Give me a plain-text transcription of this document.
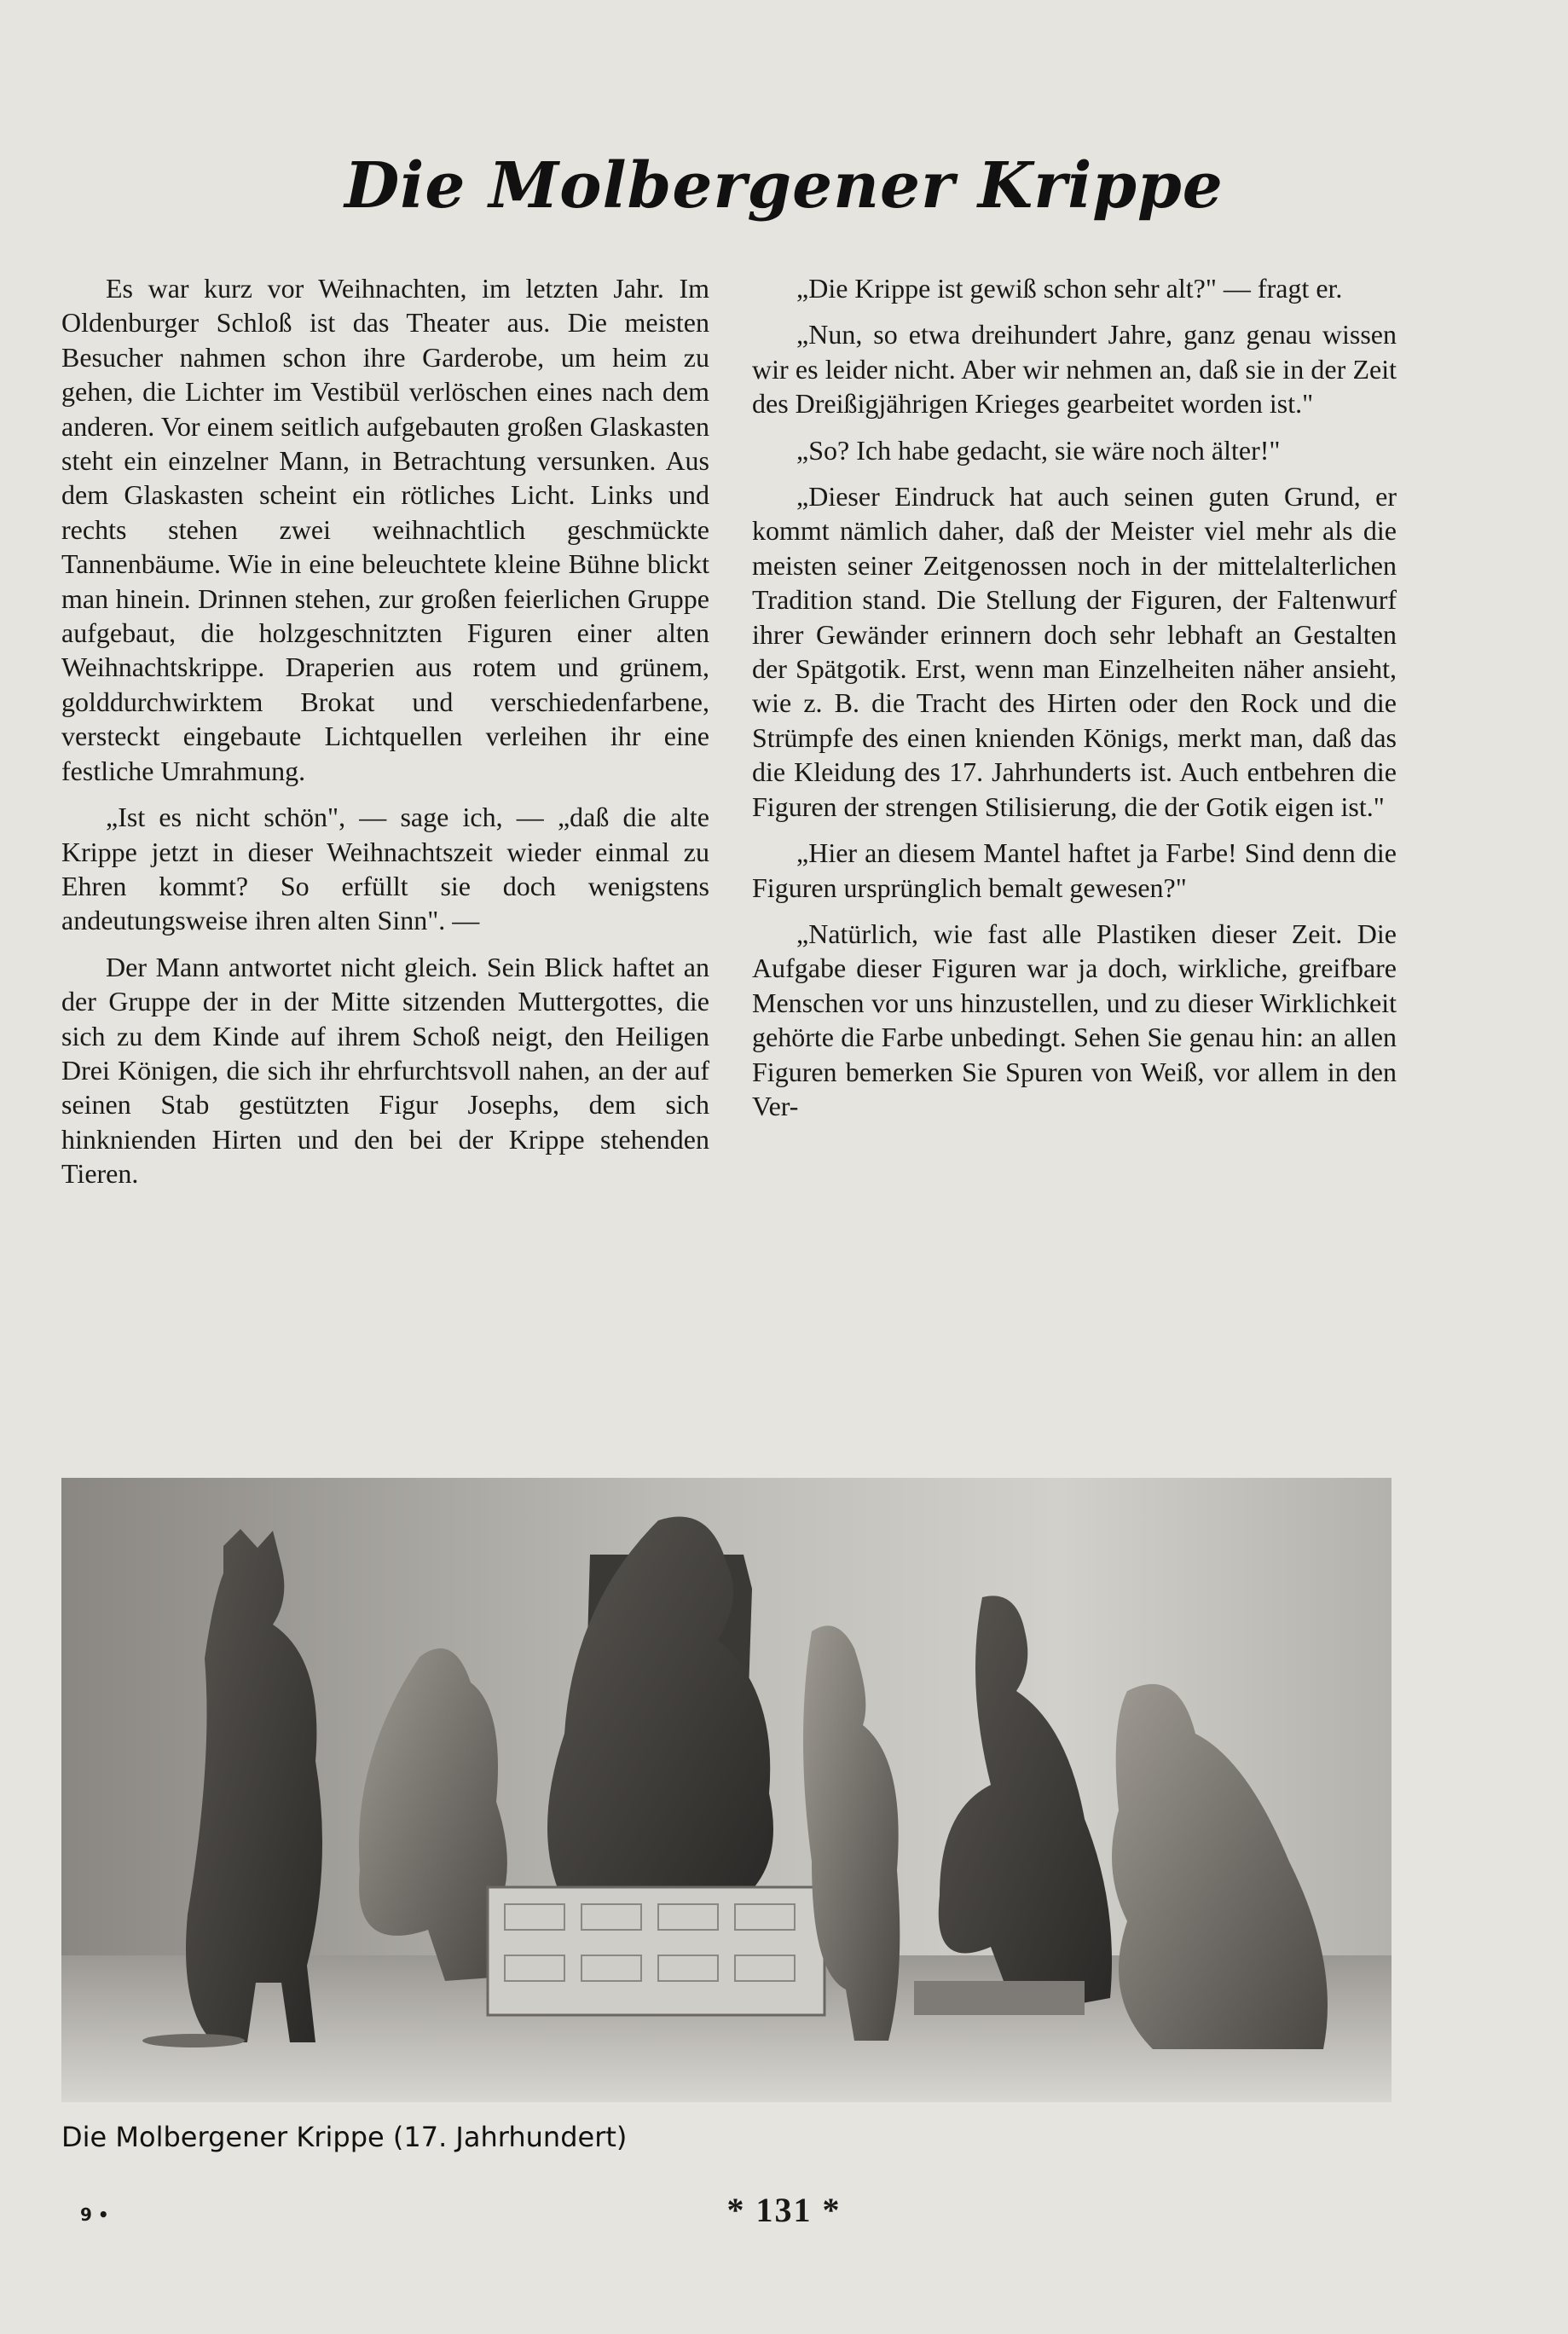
Die Molbergener Krippe

Es war kurz vor Weihnachten, im letzten Jahr. Im Oldenburger Schloß ist das Theater aus. Die meisten Besucher nahmen schon ihre Garderobe, um heim zu gehen, die Lichter im Vestibül verlöschen eines nach dem anderen. Vor einem seitlich aufgebauten großen Glaskasten steht ein einzelner Mann, in Betrachtung versunken. Aus dem Glaskasten scheint ein rötliches Licht. Links und rechts stehen zwei weihnachtlich geschmückte Tannenbäume. Wie in eine beleuchtete kleine Bühne blickt man hinein. Drinnen stehen, zur großen feierlichen Gruppe aufgebaut, die holzgeschnitzten Figuren einer alten Weihnachtskrippe. Draperien aus rotem und grünem, golddurchwirktem Brokat und verschiedenfarbene, versteckt eingebaute Lichtquellen verleihen ihr eine festliche Umrahmung.

„Ist es nicht schön", — sage ich, — „daß die alte Krippe jetzt in dieser Weihnachtszeit wieder einmal zu Ehren kommt? So erfüllt sie doch wenigstens andeutungsweise ihren alten Sinn". —

Der Mann antwortet nicht gleich. Sein Blick haftet an der Gruppe der in der Mitte sitzenden Muttergottes, die sich zu dem Kinde auf ihrem Schoß neigt, den Heiligen Drei Königen, die sich ihr ehrfurchtsvoll nahen, an der auf seinen Stab gestützten Figur Josephs, dem sich hinknienden Hirten und den bei der Krippe stehenden Tieren.

„Die Krippe ist gewiß schon sehr alt?" — fragt er.

„Nun, so etwa dreihundert Jahre, ganz genau wissen wir es leider nicht. Aber wir nehmen an, daß sie in der Zeit des Dreißigjährigen Krieges gearbeitet worden ist."

„So? Ich habe gedacht, sie wäre noch älter!"

„Dieser Eindruck hat auch seinen guten Grund, er kommt nämlich daher, daß der Meister viel mehr als die meisten seiner Zeitgenossen noch in der mittelalterlichen Tradition stand. Die Stellung der Figuren, der Faltenwurf ihrer Gewänder erinnern doch sehr lebhaft an Gestalten der Spätgotik. Erst, wenn man Einzelheiten näher ansieht, wie z. B. die Tracht des Hirten oder den Rock und die Strümpfe des einen knienden Königs, merkt man, daß das die Kleidung des 17. Jahrhunderts ist. Auch entbehren die Figuren der strengen Stilisierung, die der Gotik eigen ist."

„Hier an diesem Mantel haftet ja Farbe! Sind denn die Figuren ursprünglich bemalt gewesen?"

„Natürlich, wie fast alle Plastiken dieser Zeit. Die Aufgabe dieser Figuren war ja doch, wirkliche, greifbare Menschen vor uns hinzustellen, und zu dieser Wirklichkeit gehörte die Farbe unbedingt. Sehen Sie genau hin: an allen Figuren bemerken Sie Spuren von Weiß, vor allem in den Ver-

Die Molbergener Krippe (17. Jahrhundert)

9 •	* 131 *
